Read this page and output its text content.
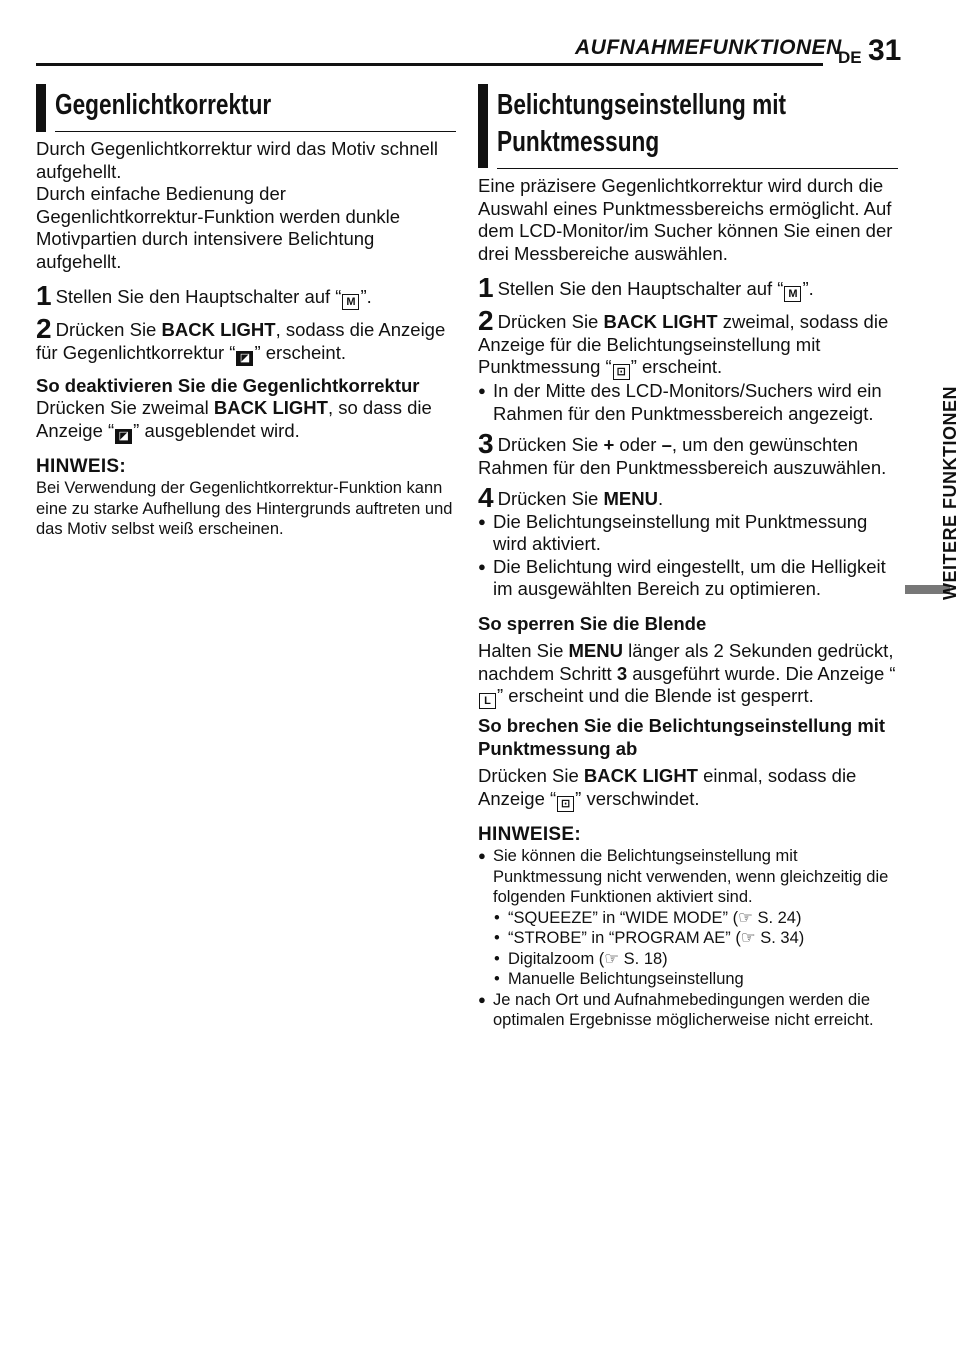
AUFNAHMEFUNKTIONEN
DE 31
WEITERE FUNKTIONEN
Gegenlichtkorrektur

Durch Gegenlichtkorrektur wird das Motiv schnell aufgehellt.

Durch einfache Bedienung der Gegenlichtkorrektur-Funktion werden dunkle Motivpartien durch intensivere Belichtung aufgehellt.

1 Stellen Sie den Hauptschalter auf “ M ”.

2 Drücken Sie BACK LIGHT, sodass die Anzeige für Gegenlichtkorrektur “ ◪ ” erscheint.

So deaktivieren Sie die Gegenlichtkorrektur

Drücken Sie zweimal BACK LIGHT, so dass die Anzeige “ ◪ ” ausgeblendet wird.

HINWEIS:

Bei Verwendung der Gegenlichtkorrektur-Funktion kann eine zu starke Aufhellung des Hintergrunds auftreten und das Motiv selbst weiß erscheinen.

Belichtungseinstellung mit
Punktmessung

Eine präzisere Gegenlichtkorrektur wird durch die Auswahl eines Punktmessbereichs ermöglicht. Auf dem LCD-Monitor/im Sucher können Sie einen der drei Messbereiche auswählen.

1 Stellen Sie den Hauptschalter auf “ M ”.

2 Drücken Sie BACK LIGHT zweimal, sodass die Anzeige für die Belichtungseinstellung mit Punktmessung “ ⊡ ” erscheint.

● In der Mitte des LCD-Monitors/Suchers wird ein Rahmen für den Punktmessbereich angezeigt.

3 Drücken Sie + oder –, um den gewünschten Rahmen für den Punktmessbereich auszuwählen.

4 Drücken Sie MENU.

● Die Belichtungseinstellung mit Punktmessung wird aktiviert.

● Die Belichtung wird eingestellt, um die Helligkeit im ausgewählten Bereich zu optimieren.

So sperren Sie die Blende

Halten Sie MENU länger als 2 Sekunden gedrückt, nachdem Schritt 3 ausgeführt wurde. Die Anzeige “L ” erscheint und die Blende ist gesperrt.

So brechen Sie die Belichtungseinstellung mit Punktmessung ab

Drücken Sie BACK LIGHT einmal, sodass die Anzeige “ ⊡ ” verschwindet.

HINWEISE:

● Sie können die Belichtungseinstellung mit Punktmessung nicht verwenden, wenn gleichzeitig die folgenden Funktionen aktiviert sind.

• “SQUEEZE” in “WIDE MODE” (☞ S. 24)

• “STROBE” in “PROGRAM AE” (☞ S. 34)

• Digitalzoom (☞ S. 18)

• Manuelle Belichtungseinstellung

● Je nach Ort und Aufnahmebedingungen werden die optimalen Ergebnisse möglicherweise nicht erreicht.
